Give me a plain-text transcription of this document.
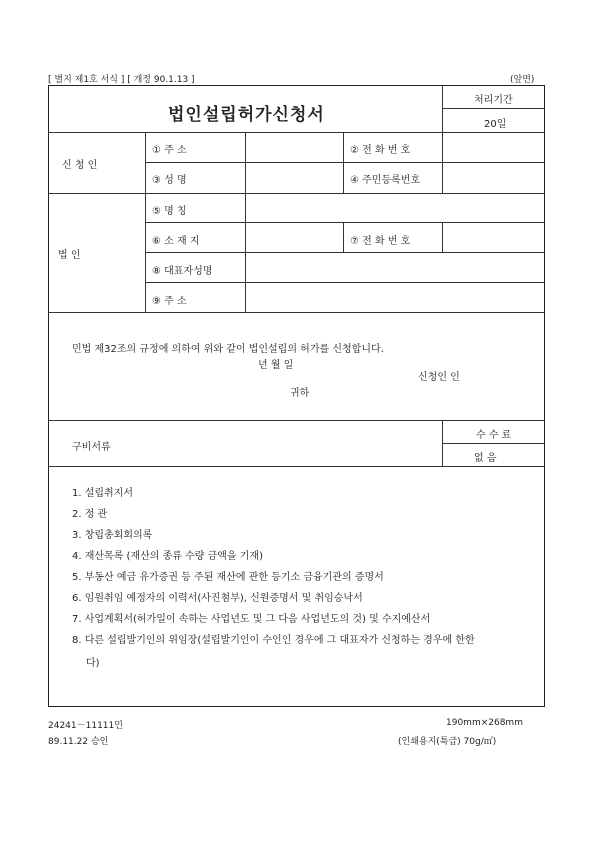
[ 별지 제1호 서식 ] [ 개정 90.1.13 ]	(앞면)
법인설립허가신청서
처리기간
20일
신 청 인
① 주 소	② 전 화 번 호
③ 성 명	④ 주민등록번호
법 인
⑤ 명 칭
⑥ 소 재 지	⑦ 전 화 번 호
⑧ 대표자성명
⑨ 주 소
민법 제32조의 규정에 의하여 위와 같이 법인설립의 허가를 신청합니다.
년 월 일
신청인 인
귀하
구비서류
수 수 료
없 음
1. 설립취지서
2. 정 관
3. 창립총회회의록
4. 재산목록 (재산의 종류 수량 금액을 기재)
5. 부동산 예금 유가증권 등 주된 재산에 관한 등기소 금융기관의 증명서
6. 임원취임 예정자의 이력서(사진첨부), 신원증명서 및 취임승낙서
7. 사업계획서(허가일이 속하는 사업년도 및 그 다음 사업년도의 것) 및 수지예산서
8. 다른 설립발기인의 위임장(설립발기인이 수인인 경우에 그 대표자가 신청하는 경우에 한한
다)
24241－11111민
89.11.22 승인
190mm×268mm
(인쇄용지(특급) 70g/㎡)
